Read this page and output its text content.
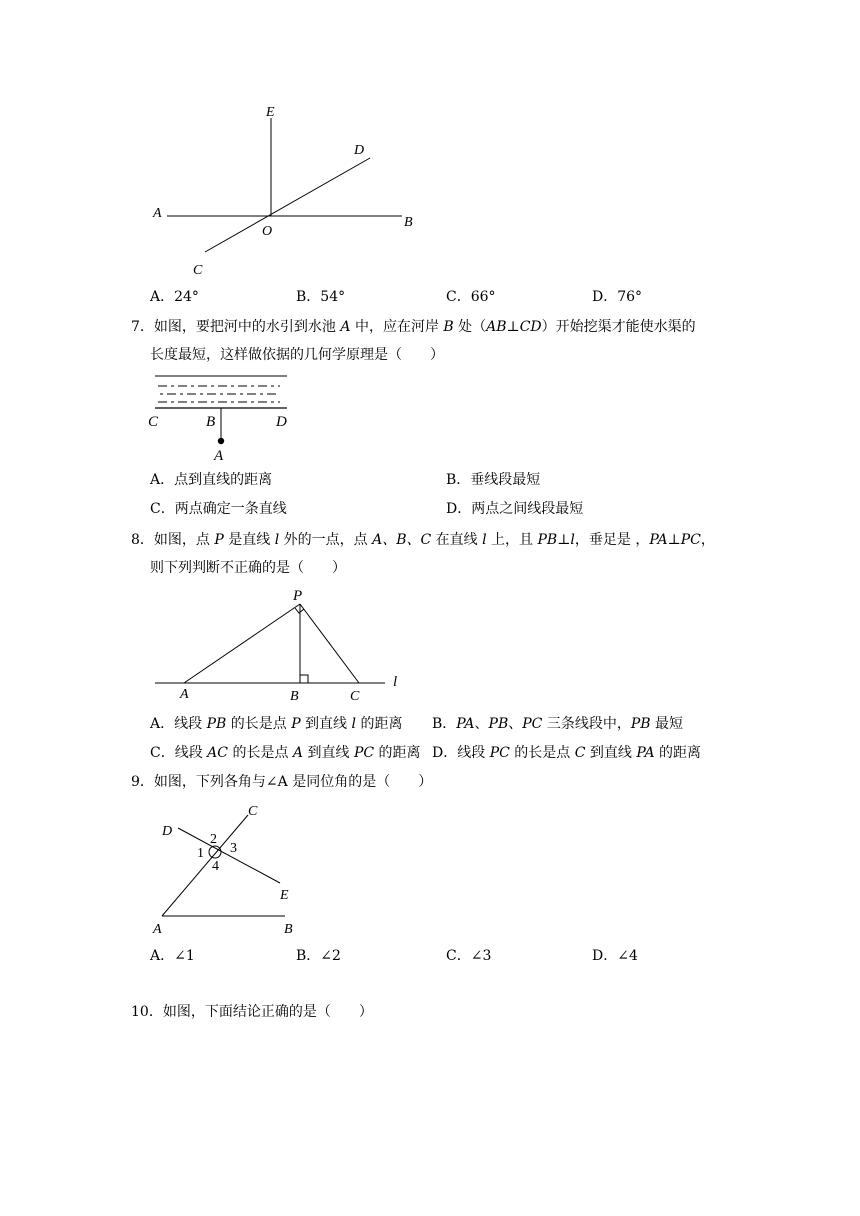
E
D
A
O
B
C
A．24°	B．54°	C．66°	D．76°
7．如图，要把河中的水引到水池 A 中，应在河岸 B 处（AB⊥CD）开始挖渠才能使水渠的
长度最短，这样做依据的几何学原理是（　　）
C	B	D
A
A．点到直线的距离	B．垂线段最短
C．两点确定一条直线	D．两点之间线段最短
8．如图，点 P 是直线 l 外的一点，点 A、B、C 在直线 l 上，且 PB⊥l，垂足是 ，PA⊥PC，
则下列判断不正确的是（　　）
P
A	B	C
l
A．线段 PB 的长是点 P 到直线 l 的距离 B．PA、PB、PC 三条线段中，PB 最短
C．线段 AC 的长是点 A 到直线 PC 的距离 D．线段 PC 的长是点 C 到直线 PA 的距离
9．如图，下列各角与∠A 是同位角的是（　　）
C
D
2
1 3
4
E
A	B
A．∠1	B．∠2	C．∠3	D．∠4
10．如图，下面结论正确的是（　　）
